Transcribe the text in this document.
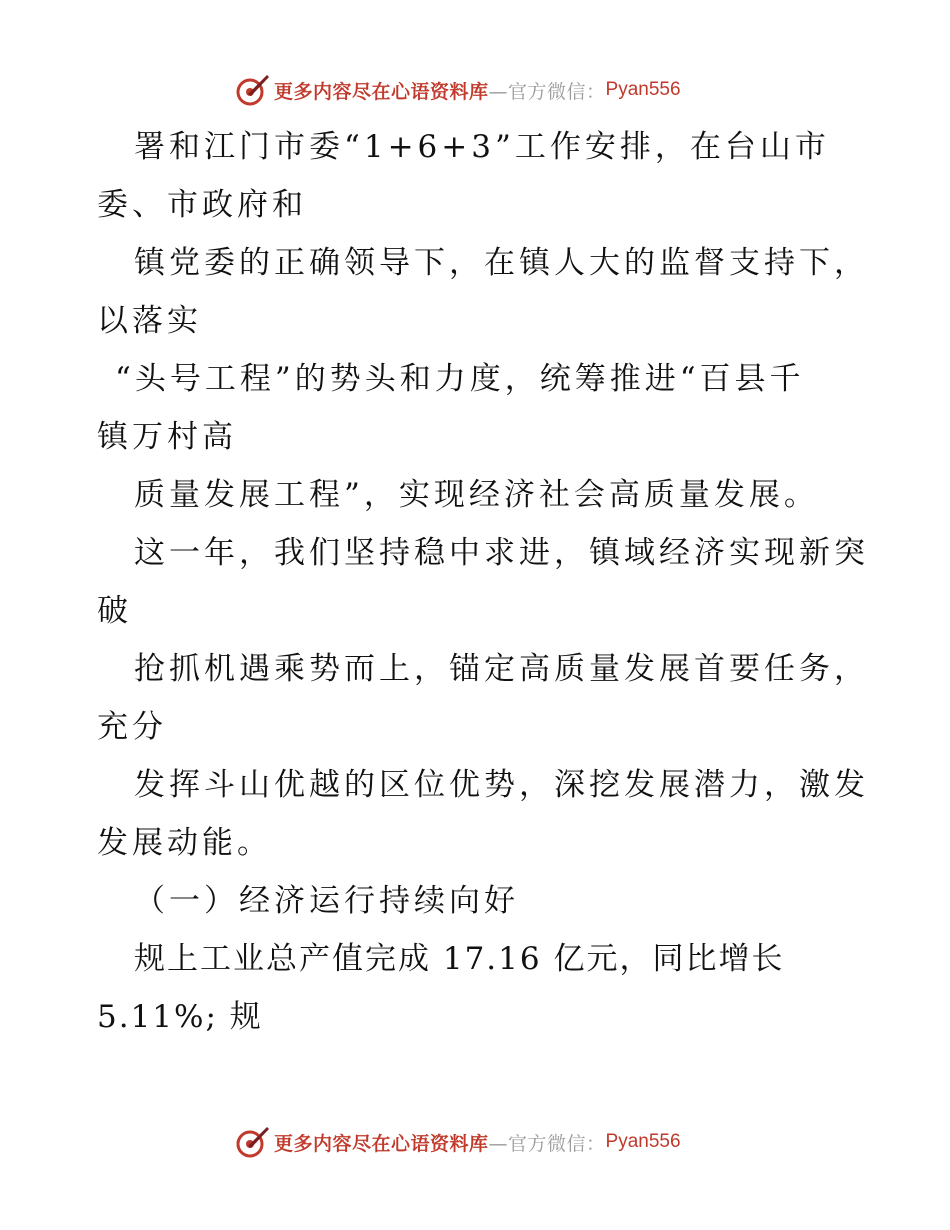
更多内容尽在心语资料库 —官方微信： Pyan556
署和江门市委“1+6+3”工作安排，在台山市
委、市政府和
镇党委的正确领导下，在镇人大的监督支持下，
以落实
“头号工程”的势头和力度，统筹推进“百县千
镇万村高
质量发展工程”，实现经济社会高质量发展。
这一年，我们坚持稳中求进，镇域经济实现新突
破
抢抓机遇乘势而上，锚定高质量发展首要任务，
充分
发挥斗山优越的区位优势，深挖发展潜力，激发
发展动能。
（一）经济运行持续向好
规上工业总产值完成 17.16 亿元，同比增长
5.11%; 规
更多内容尽在心语资料库 —官方微信： Pyan556
